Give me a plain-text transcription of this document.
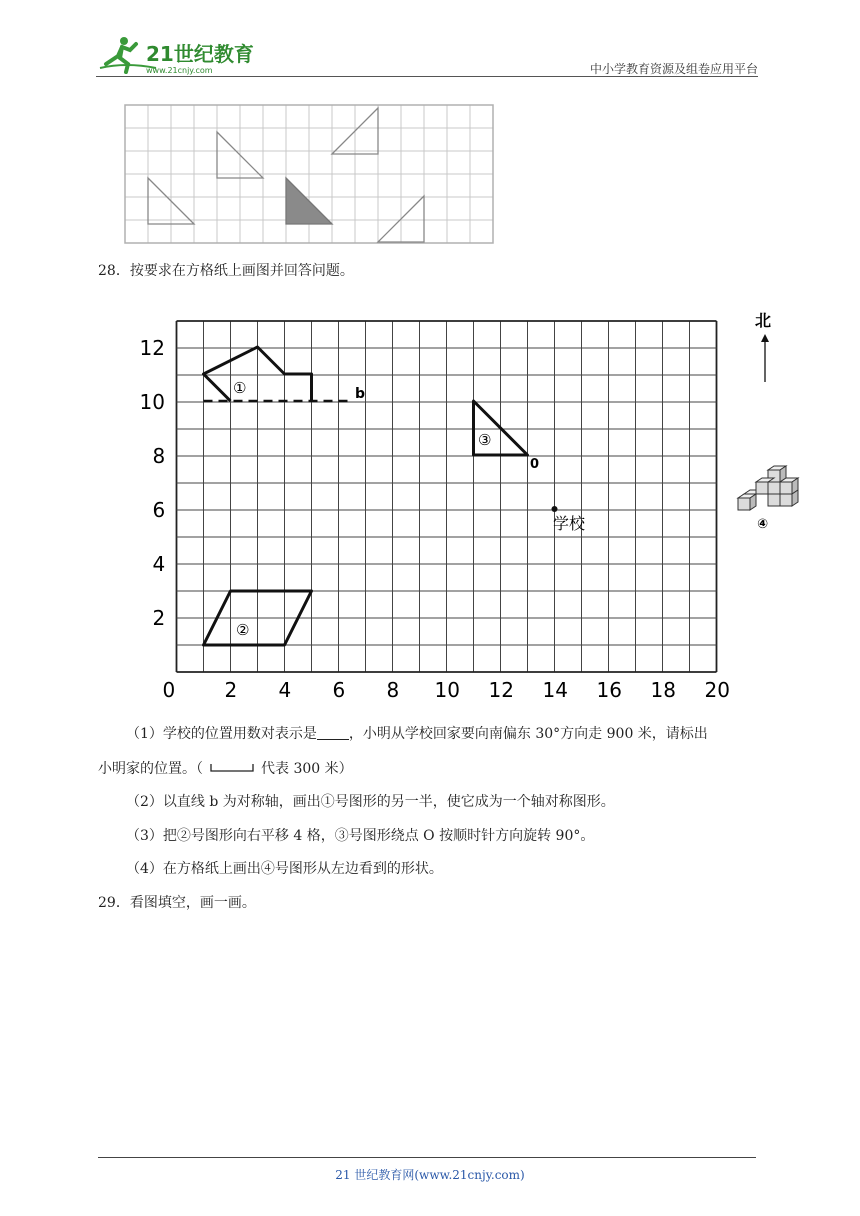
21世纪教育
www.21cnjy.com	中小学教育资源及组卷应用平台
28．按要求在方格纸上画图并回答问题。
b
①
②
③
0
学校
0 2 4 6 8 10 12 14 16 18 20
2
4
6
8
10
12
北
④
（1）学校的位置用数对表示是 ，小明从学校回家要向南偏东 30°方向走 900 米，请标出
小明家的位置。（	代表 300 米）
（2）以直线 b 为对称轴，画出①号图形的另一半，使它成为一个轴对称图形。
（3）把②号图形向右平移 4 格，③号图形绕点 O 按顺时针方向旋转 90°。
（4）在方格纸上画出④号图形从左边看到的形状。
29．看图填空，画一画。
21 世纪教育网(www.21cnjy.com)
